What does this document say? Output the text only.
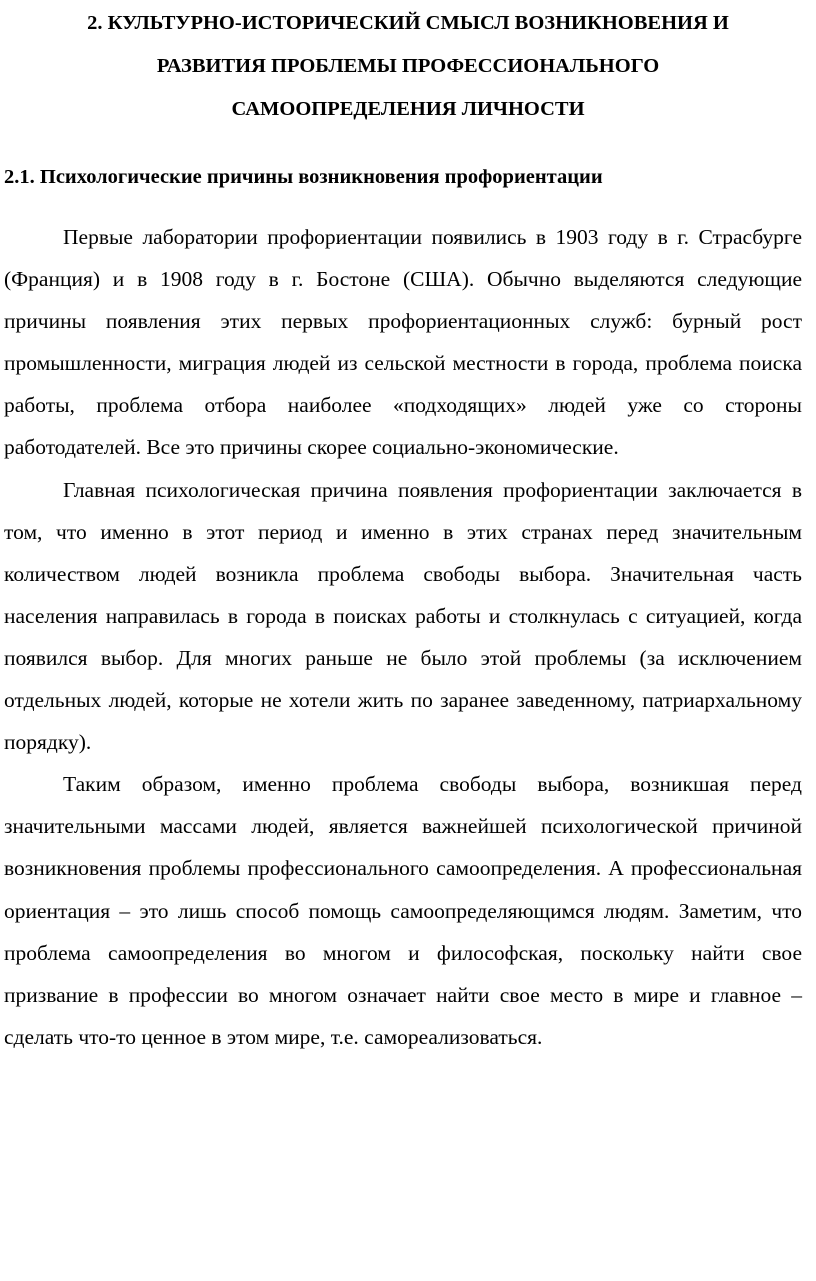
2. КУЛЬТУРНО-ИСТОРИЧЕСКИЙ СМЫСЛ ВОЗНИКНОВЕНИЯ И
РАЗВИТИЯ ПРОБЛЕМЫ ПРОФЕССИОНАЛЬНОГО
САМООПРЕДЕЛЕНИЯ ЛИЧНОСТИ
2.1. Психологические причины возникновения профориентации

Первые лаборатории профориентации появились в 1903 году в г. Страсбурге (Франция) и в 1908 году в г. Бостоне (США). Обычно выделяются следующие причины появления этих первых профориентационных служб: бурный рост промышленности, миграция людей из сельской местности в города, проблема поиска работы, проблема отбора наиболее «подходящих» людей уже со стороны работодателей. Все это причины скорее социально-экономические.

Главная психологическая причина появления профориентации заключается в том, что именно в этот период и именно в этих странах перед значительным количеством людей возникла проблема свободы выбора. Значительная часть населения направилась в города в поисках работы и столкнулась с ситуацией, когда появился выбор. Для многих раньше не было этой проблемы (за исключением отдельных людей, которые не хотели жить по заранее заведенному, патриархальному порядку).

Таким образом, именно проблема свободы выбора, возникшая перед значительными массами людей, является важнейшей психологической причиной возникновения проблемы профессионального самоопределения. А профессиональная ориентация – это лишь способ помощь самоопределяющимся людям. Заметим, что проблема самоопределения во многом и философская, поскольку найти свое призвание в профессии во многом означает найти свое место в мире и главное – сделать что-то ценное в этом мире, т.е. самореализоваться.
